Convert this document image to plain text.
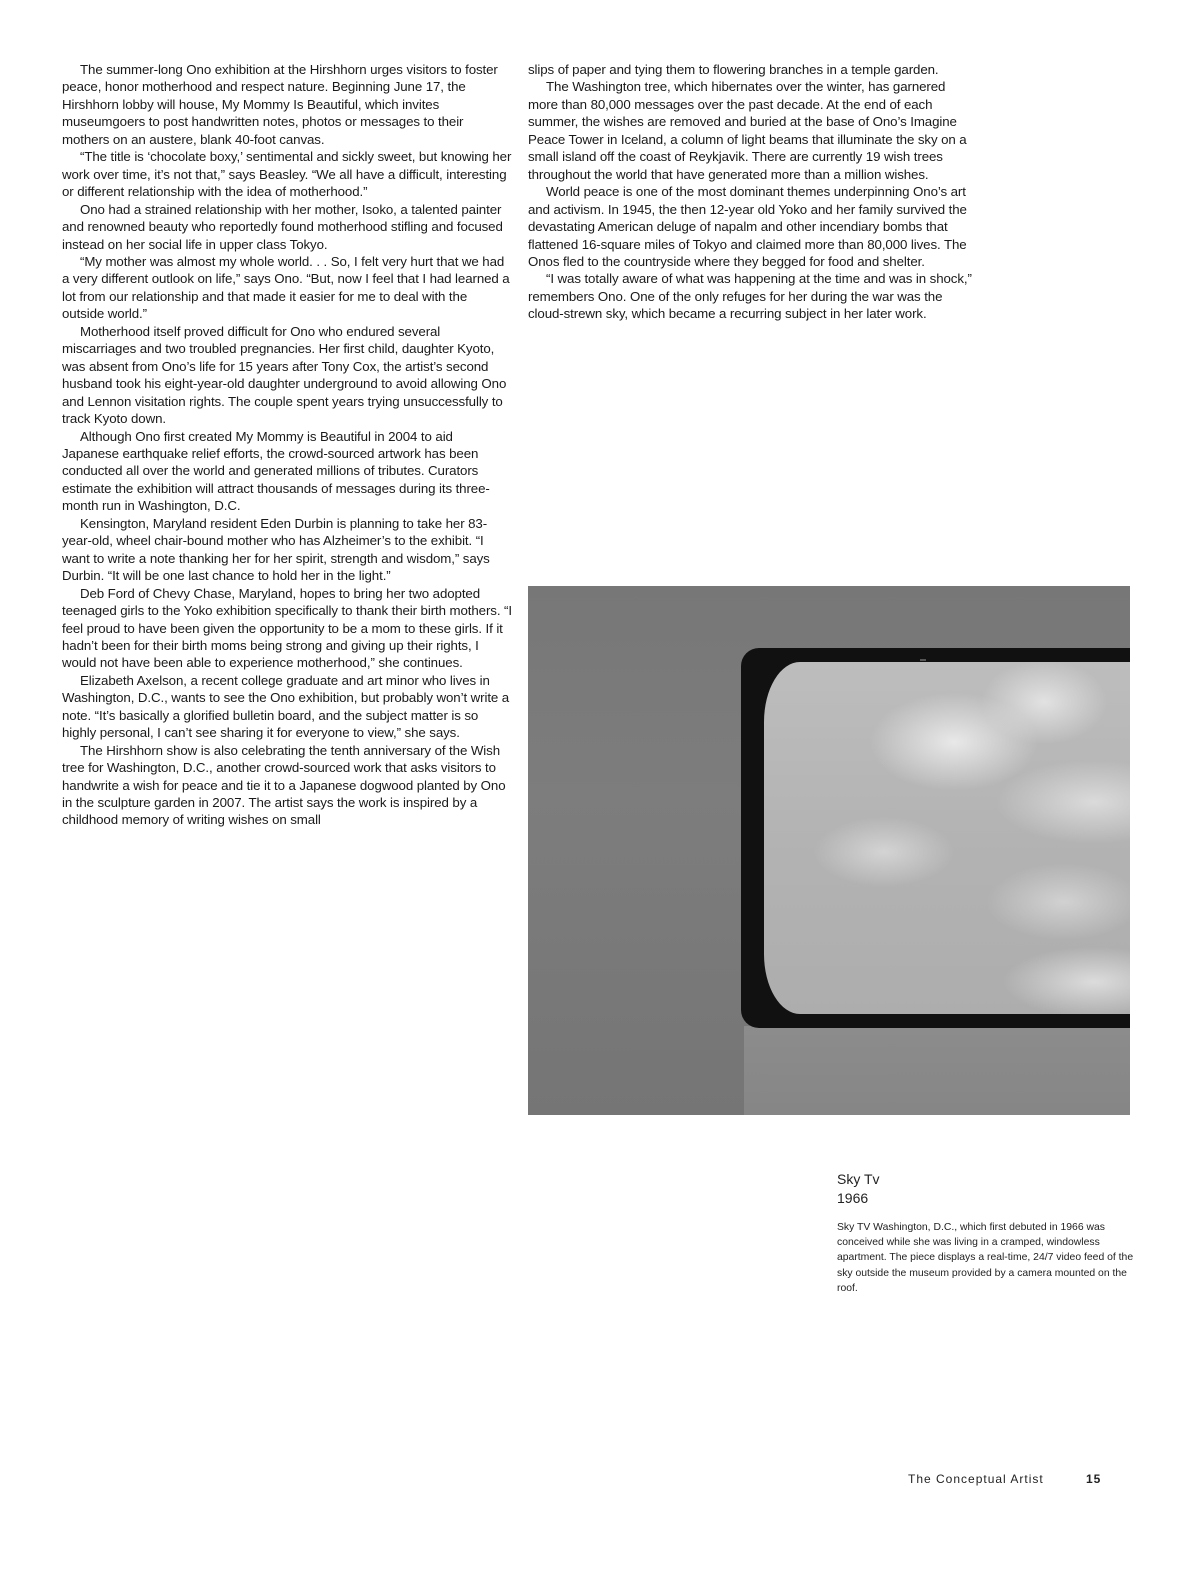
The summer-long Ono exhibition at the Hirshhorn urges visitors to foster peace, honor motherhood and respect nature. Beginning June 17, the Hirshhorn lobby will house, My Mommy Is Beautiful, which invites museumgoers to post handwritten notes, photos or messages to their mothers on an austere, blank 40-foot canvas.

“The title is ‘chocolate boxy,’ sentimental and sickly sweet, but knowing her work over time, it’s not that,” says Beasley. “We all have a difficult, interesting or different relationship with the idea of motherhood.”

Ono had a strained relationship with her mother, Isoko, a talented painter and renowned beauty who reportedly found motherhood stifling and focused instead on her social life in upper class Tokyo.

“My mother was almost my whole world. . . So, I felt very hurt that we had a very different outlook on life,” says Ono. “But, now I feel that I had learned a lot from our relationship and that made it easier for me to deal with the outside world.”

Motherhood itself proved difficult for Ono who endured several miscarriages and two troubled pregnancies. Her first child, daughter Kyoto, was absent from Ono’s life for 15 years after Tony Cox, the artist’s second husband took his eight-year-old daughter underground to avoid allowing Ono and Lennon visitation rights. The couple spent years trying unsuccessfully to track Kyoto down.

Although Ono first created My Mommy is Beautiful in 2004 to aid Japanese earthquake relief efforts, the crowd-sourced artwork has been conducted all over the world and generated millions of tributes. Curators estimate the exhibition will attract thousands of messages during its three-month run in Washington, D.C.

Kensington, Maryland resident Eden Durbin is planning to take her 83-year-old, wheel chair-bound mother who has Alzheimer’s to the exhibit. “I want to write a note thanking her for her spirit, strength and wisdom,” says Durbin. “It will be one last chance to hold her in the light.”

Deb Ford of Chevy Chase, Maryland, hopes to bring her two adopted teenaged girls to the Yoko exhibition specifically to thank their birth mothers. “I feel proud to have been given the opportunity to be a mom to these girls. If it hadn’t been for their birth moms being strong and giving up their rights, I would not have been able to experience motherhood,” she continues.

Elizabeth Axelson, a recent college graduate and art minor who lives in Washington, D.C., wants to see the Ono exhibition, but probably won’t write a note. “It’s basically a glorified bulletin board, and the subject matter is so highly personal, I can’t see sharing it for everyone to view,” she says.

The Hirshhorn show is also celebrating the tenth anniversary of the Wish tree for Washington, D.C., another crowd-sourced work that asks visitors to handwrite a wish for peace and tie it to a Japanese dogwood planted by Ono in the sculpture garden in 2007. The artist says the work is inspired by a childhood memory of writing wishes on small

slips of paper and tying them to flowering branches in a temple garden.

The Washington tree, which hibernates over the winter, has garnered more than 80,000 messages over the past decade. At the end of each summer, the wishes are removed and buried at the base of Ono’s Imagine Peace Tower in Iceland, a column of light beams that illuminate the sky on a small island off the coast of Reykjavik. There are currently 19 wish trees throughout the world that have generated more than a million wishes.

World peace is one of the most dominant themes underpinning Ono’s art and activism. In 1945, the then 12-year old Yoko and her family survived the devastating American deluge of napalm and other incendiary bombs that flattened 16-square miles of Tokyo and claimed more than 80,000 lives. The Onos fled to the countryside where they begged for food and shelter.

“I was totally aware of what was happening at the time and was in shock,” remembers Ono. One of the only refuges for her during the war was the cloud-strewn sky, which became a recurring subject in her later work.

Sky Tv
1966

Sky TV Washington, D.C., which first debuted in 1966 was conceived while she was living in a cramped, windowless apartment. The piece displays a real-time, 24/7 video feed of the sky outside the museum provided by a camera mounted on the roof.

The Conceptual Artist	15
